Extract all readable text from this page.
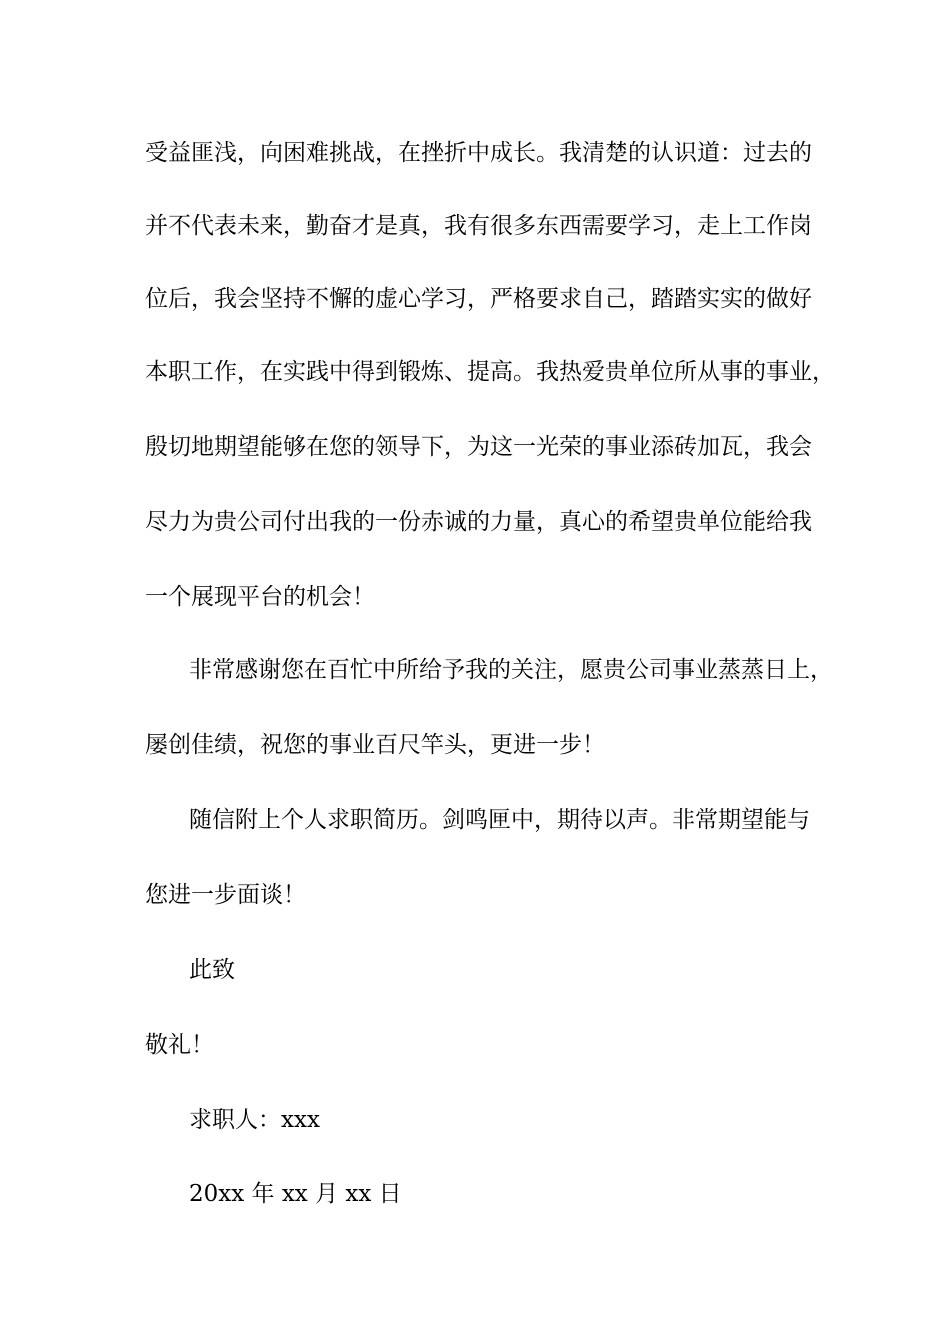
受益匪浅，向困难挑战，在挫折中成长。我清楚的认识道：过去的
并不代表未来，勤奋才是真，我有很多东西需要学习，走上工作岗
位后，我会坚持不懈的虚心学习，严格要求自己，踏踏实实的做好
本职工作，在实践中得到锻炼、提高。我热爱贵单位所从事的事业，
殷切地期望能够在您的领导下，为这一光荣的事业添砖加瓦，我会
尽力为贵公司付出我的一份赤诚的力量，真心的希望贵单位能给我
一个展现平台的机会！
非常感谢您在百忙中所给予我的关注，愿贵公司事业蒸蒸日上，
屡创佳绩，祝您的事业百尺竿头，更进一步！
随信附上个人求职简历。剑鸣匣中，期待以声。非常期望能与
您进一步面谈！
此致
敬礼！
求职人：xxx
20xx 年 xx 月 xx 日
